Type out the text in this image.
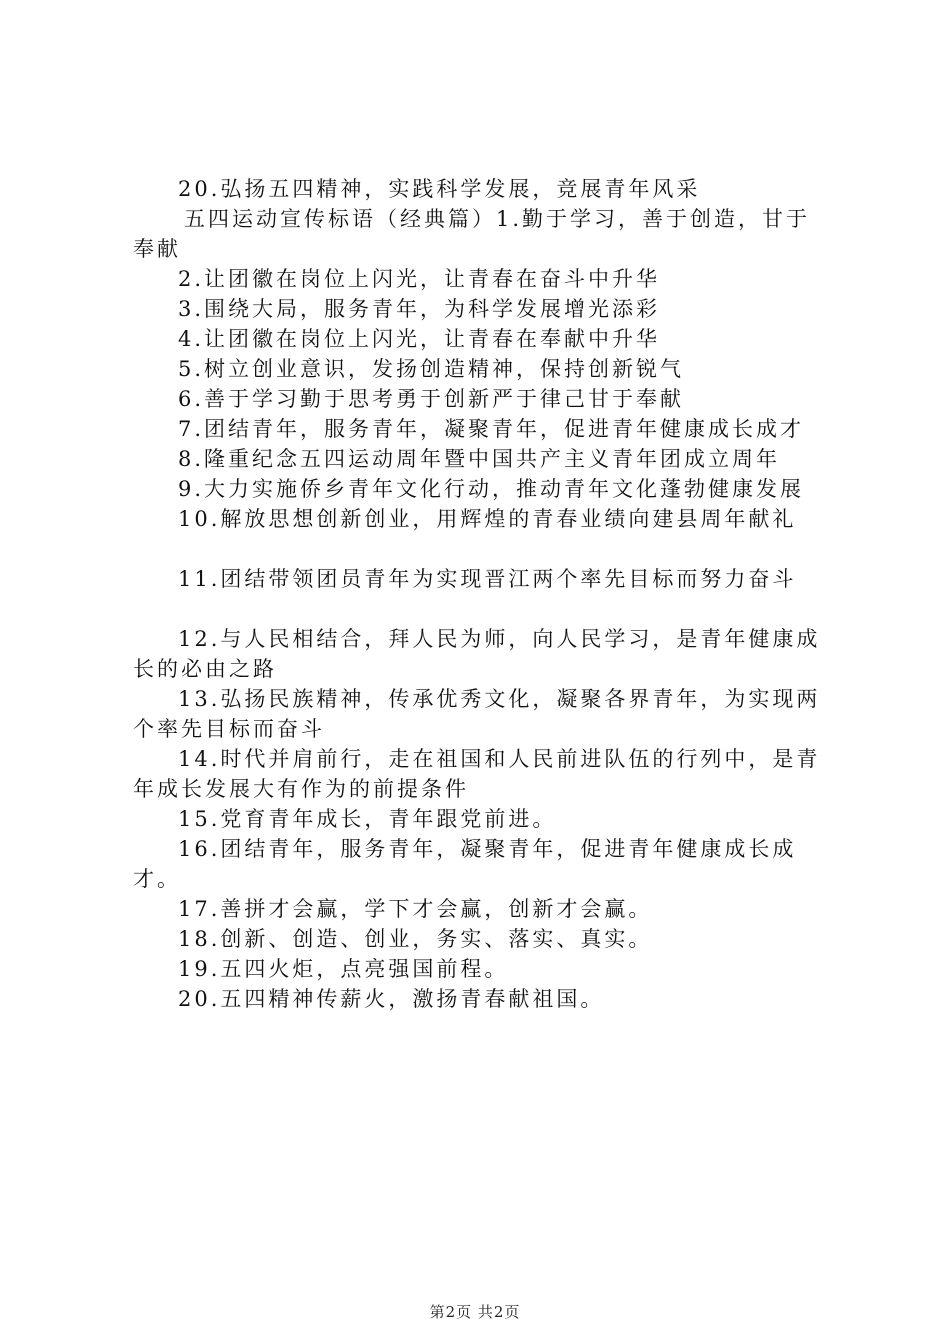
20.弘扬五四精神，实践科学发展，竞展青年风采

五四运动宣传标语（经典篇）1.勤于学习，善于创造，甘于奉献

2.让团徽在岗位上闪光，让青春在奋斗中升华

3.围绕大局，服务青年，为科学发展增光添彩

4.让团徽在岗位上闪光，让青春在奉献中升华

5.树立创业意识，发扬创造精神，保持创新锐气

6.善于学习勤于思考勇于创新严于律己甘于奉献

7.团结青年，服务青年，凝聚青年，促进青年健康成长成才

8.隆重纪念五四运动周年暨中国共产主义青年团成立周年

9.大力实施侨乡青年文化行动，推动青年文化蓬勃健康发展

10.解放思想创新创业，用辉煌的青春业绩向建县周年献礼

11.团结带领团员青年为实现晋江两个率先目标而努力奋斗

12.与人民相结合，拜人民为师，向人民学习，是青年健康成长的必由之路

13.弘扬民族精神，传承优秀文化，凝聚各界青年，为实现两个率先目标而奋斗

14.时代并肩前行，走在祖国和人民前进队伍的行列中，是青年成长发展大有作为的前提条件

15.党育青年成长，青年跟党前进。

16.团结青年，服务青年，凝聚青年，促进青年健康成长成才。

17.善拼才会赢，学下才会赢，创新才会赢。

18.创新、创造、创业，务实、落实、真实。

19.五四火炬，点亮强国前程。

20.五四精神传薪火，激扬青春献祖国。

第2页 共2页
